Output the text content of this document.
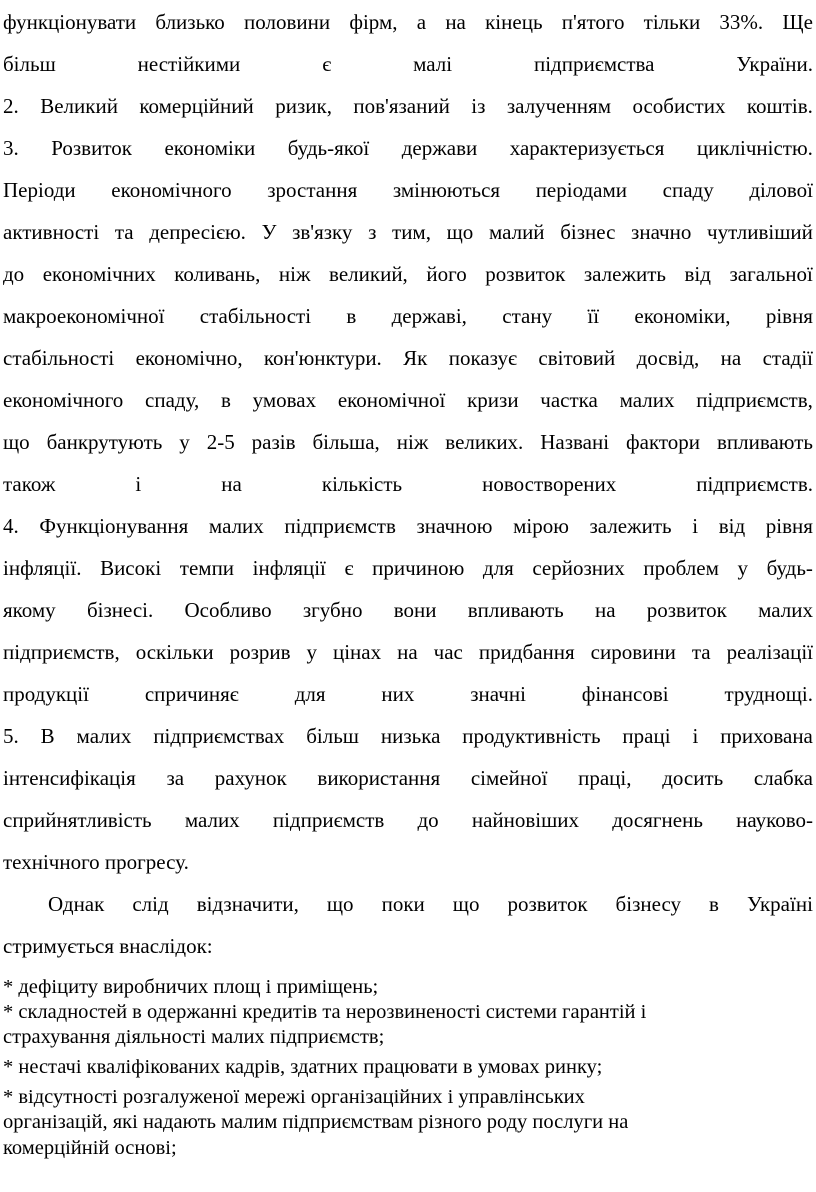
функціонувати близько половини фірм, а на кінець п'ятого тільки 33%. Ще
більш	нестійкими	є	малі	підприємства	України.
2. Великий комерційний ризик, пов'язаний із залученням особистих коштів.
3. Розвиток економіки будь-якої держави характеризується циклічністю.
Періоди економічного зростання змінюються періодами спаду ділової
активності та депресією. У зв'язку з тим, що малий бізнес значно чутливіший
до економічних коливань, ніж великий, його розвиток залежить від загальної
макроекономічної стабільності в державі, стану її економіки, рівня
стабільності економічно, кон'юнктури. Як показує світовий досвід, на стадії
економічного спаду, в умовах економічної кризи частка малих підприємств,
що банкрутують у 2-5 разів більша, ніж великих. Названі фактори впливають
також	і	на	кількість	новостворених	підприємств.
4. Функціонування малих підприємств значною мірою залежить і від рівня
інфляції. Високі темпи інфляції є причиною для серйозних проблем у будь-
якому бізнесі. Особливо згубно вони впливають на розвиток малих
підприємств, оскільки розрив у цінах на час придбання сировини та реалізації
продукції	спричиняє	для	них	значні	фінансові	труднощі.
5. В малих підприємствах більш низька продуктивність праці і прихована
інтенсифікація за рахунок використання сімейної праці, досить слабка
сприйнятливість малих підприємств до найновіших досягнень науково-
технічного прогресу.
Однак слід відзначити, що поки що розвиток бізнесу в Україні
стримується внаслідок:
* дефіциту виробничих площ і приміщень;
* складностей в одержанні кредитів та нерозвиненості системи гарантій і
страхування діяльності малих підприємств;
* нестачі кваліфікованих кадрів, здатних працювати в умовах ринку;
* відсутності розгалуженої мережі організаційних і управлінських
організацій, які надають малим підприємствам різного роду послуги на
комерційній основі;
